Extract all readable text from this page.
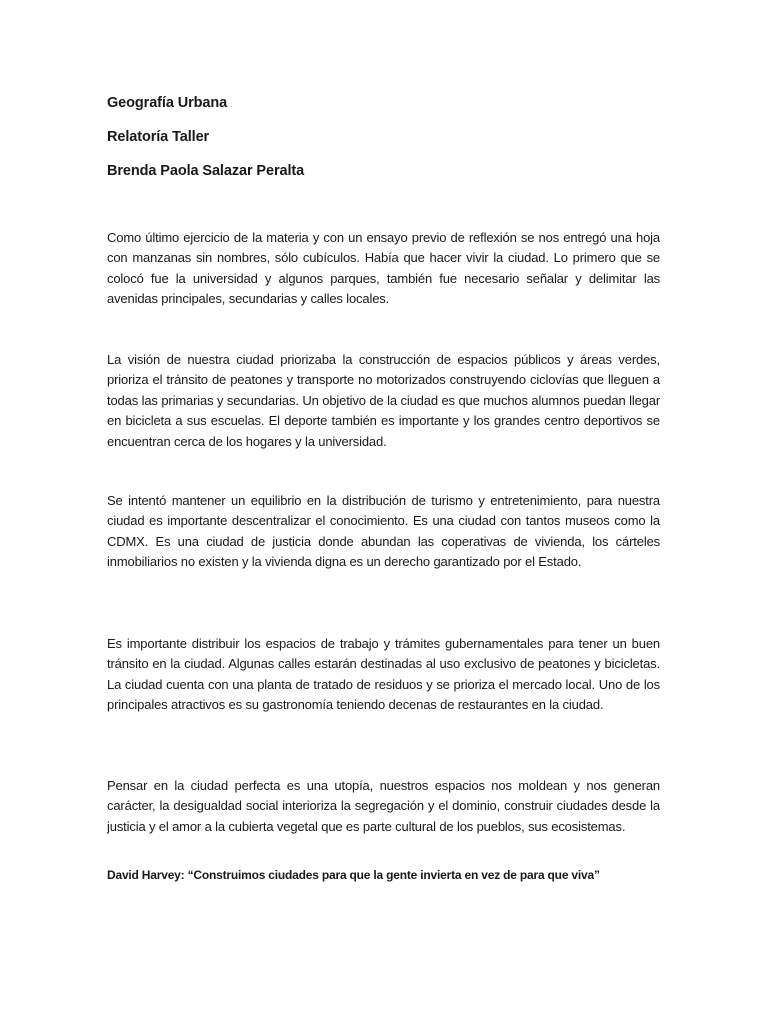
Geografía Urbana
Relatoría Taller
Brenda Paola Salazar Peralta

Como último ejercicio de la materia y con un ensayo previo de reflexión se nos entregó una hoja con manzanas sin nombres, sólo cubículos. Había que hacer vivir la ciudad. Lo primero que se colocó fue la universidad y algunos parques, también fue necesario señalar y delimitar las avenidas principales, secundarias y calles locales.

La visión de nuestra ciudad priorizaba la construcción de espacios públicos y áreas verdes, prioriza el tránsito de peatones y transporte no motorizados construyendo ciclovías que lleguen a todas las primarias y secundarias. Un objetivo de la ciudad es que muchos alumnos puedan llegar en bicicleta a sus escuelas. El deporte también es importante y los grandes centro deportivos se encuentran cerca de los hogares y la universidad.

Se intentó mantener un equilibrio en la distribución de turismo y entretenimiento, para nuestra ciudad es importante descentralizar el conocimiento. Es una ciudad con tantos museos como la CDMX. Es una ciudad de justicia donde abundan las coperativas de vivienda, los cárteles inmobiliarios no existen y la vivienda digna es un derecho garantizado por el Estado.

Es importante distribuir los espacios de trabajo y trámites gubernamentales para tener un buen tránsito en la ciudad. Algunas calles estarán destinadas al uso exclusivo de peatones y bicicletas. La ciudad cuenta con una planta de tratado de residuos y se prioriza el mercado local. Uno de los principales atractivos es su gastronomía teniendo decenas de restaurantes en la ciudad.

Pensar en la ciudad perfecta es una utopía, nuestros espacios nos moldean y nos generan carácter, la desigualdad social interioriza la segregación y el dominio, construir ciudades desde la justicia y el amor a la cubierta vegetal que es parte cultural de los pueblos, sus ecosistemas.

David Harvey: “Construimos ciudades para que la gente invierta en vez de para que viva”
